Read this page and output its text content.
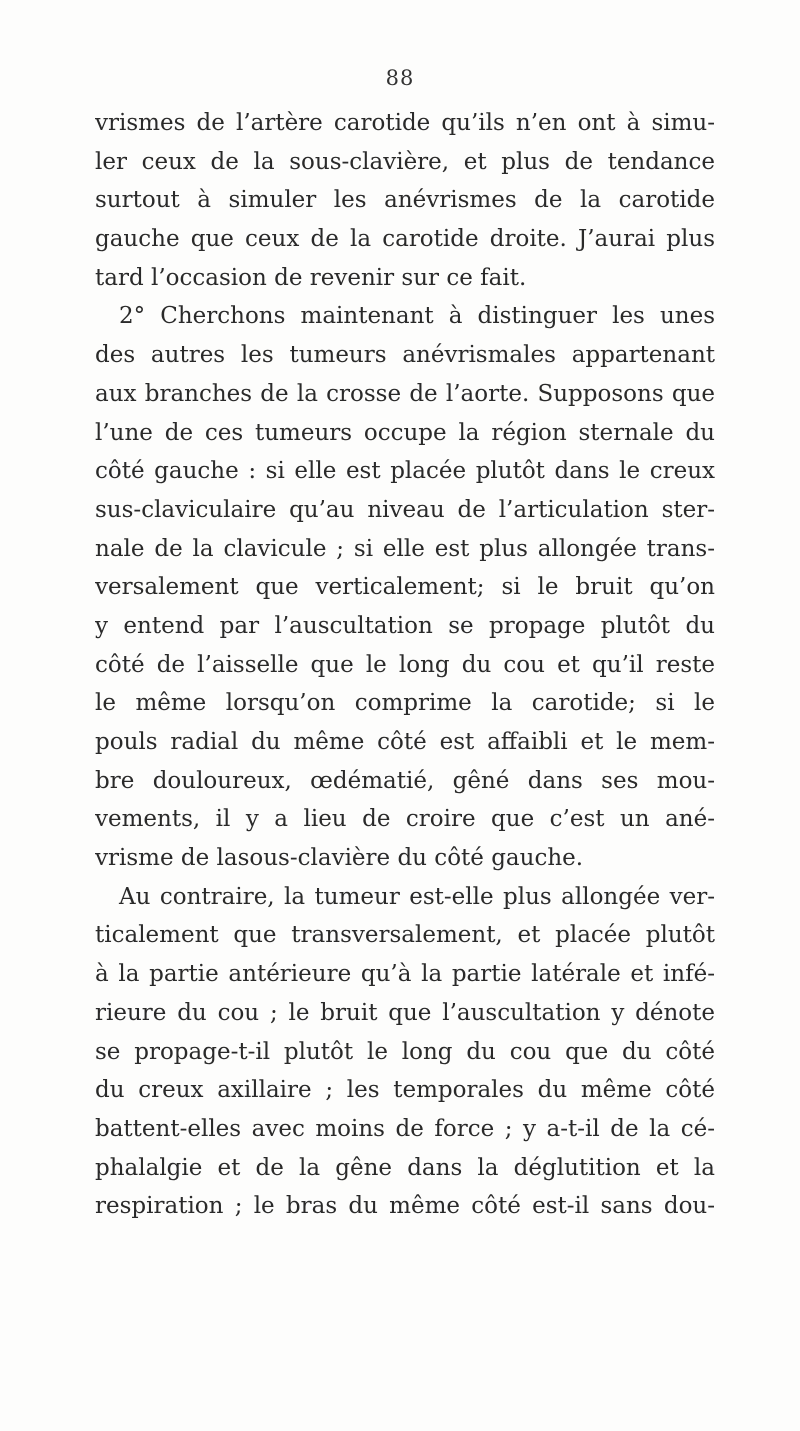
88
vrismes de l’artère carotide qu’ils n’en ont à simu-
ler ceux de la sous-clavière, et plus de tendance
surtout à simuler les anévrismes de la carotide
gauche que ceux de la carotide droite. J’aurai plus
tard l’occasion de revenir sur ce fait.
2° Cherchons maintenant à distinguer les unes
des autres les tumeurs anévrismales appartenant
aux branches de la crosse de l’aorte. Supposons que
l’une de ces tumeurs occupe la région sternale du
côté gauche : si elle est placée plutôt dans le creux
sus-claviculaire qu’au niveau de l’articulation ster-
nale de la clavicule ; si elle est plus allongée trans-
versalement que verticalement; si le bruit qu’on
y entend par l’auscultation se propage plutôt du
côté de l’aisselle que le long du cou et qu’il reste
le même lorsqu’on comprime la carotide; si le
pouls radial du même côté est affaibli et le mem-
bre douloureux, œdématié, gêné dans ses mou-
vements, il y a lieu de croire que c’est un ané-
vrisme de lasous-clavière du côté gauche.
Au contraire, la tumeur est-elle plus allongée ver-
ticalement que transversalement, et placée plutôt
à la partie antérieure qu’à la partie latérale et infé-
rieure du cou ; le bruit que l’auscultation y dénote
se propage-t-il plutôt le long du cou que du côté
du creux axillaire ; les temporales du même côté
battent-elles avec moins de force ; y a-t-il de la cé-
phalalgie et de la gêne dans la déglutition et la
respiration ; le bras du même côté est-il sans dou-
